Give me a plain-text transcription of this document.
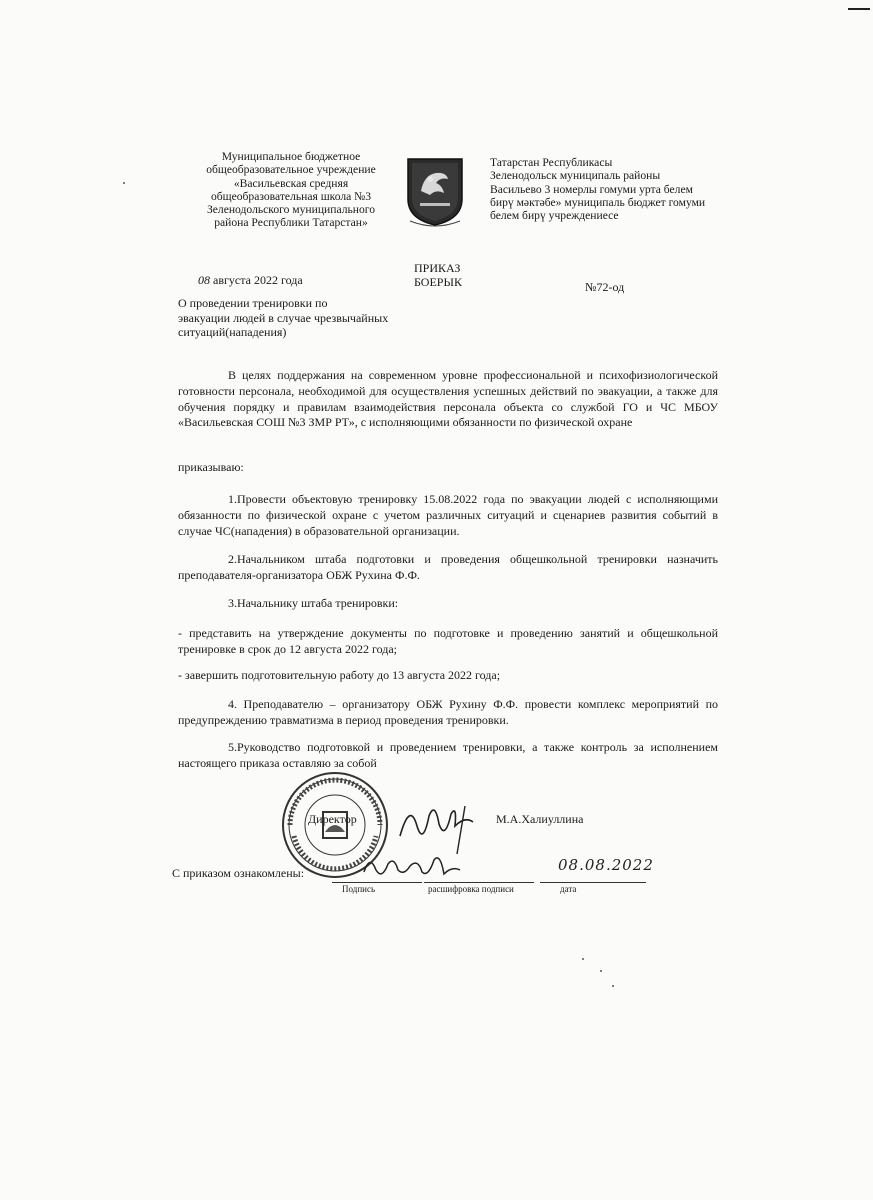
Муниципальное бюджетное
общеобразовательное учреждение
«Васильевская средняя
общеобразовательная школа №3
Зеленодольского муниципального
района Республики Татарстан»
Татарстан Республикасы
Зеленодольск муниципаль районы
Васильево 3 номерлы гомуми урта белем
бирү мәктәбе» муниципаль бюджет гомуми
белем бирү учреждениесе
08 августа 2022 года
ПРИКАЗ
БОЕРЫК	№72-од
О проведении тренировки по
эвакуации людей в случае чрезвычайных
ситуаций(нападения)
В целях поддержания на современном уровне профессиональной и психофизиологической готовности персонала, необходимой для осуществления успешных действий по эвакуации, а также для обучения порядку и правилам взаимодействия персонала объекта со службой ГО и ЧС МБОУ «Васильевская СОШ №3 ЗМР РТ», с исполняющими обязанности по физической охране
приказываю:
1.Провести объектовую тренировку 15.08.2022 года по эвакуации людей с исполняющими обязанности по физической охране с учетом различных ситуаций и сценариев развития событий в случае ЧС(нападения) в образовательной организации.
2.Начальником штаба подготовки и проведения общешкольной тренировки назначить преподавателя-организатора ОБЖ Рухина Ф.Ф.
3.Начальнику штаба тренировки:
- представить на утверждение документы по подготовке и проведению занятий и общешкольной тренировке в срок до 12 августа 2022 года;
- завершить подготовительную работу до 13 августа 2022 года;
4. Преподавателю – организатору ОБЖ Рухину Ф.Ф. провести комплекс мероприятий по предупреждению травматизма в период проведения тренировки.
5.Руководство подготовкой и проведением тренировки, а также контроль за исполнением настоящего приказа оставляю за собой
Директор	М.А.Халиуллина
С приказом ознакомлены:	08.08.2022
Подпись	расшифровка подписи	дата
